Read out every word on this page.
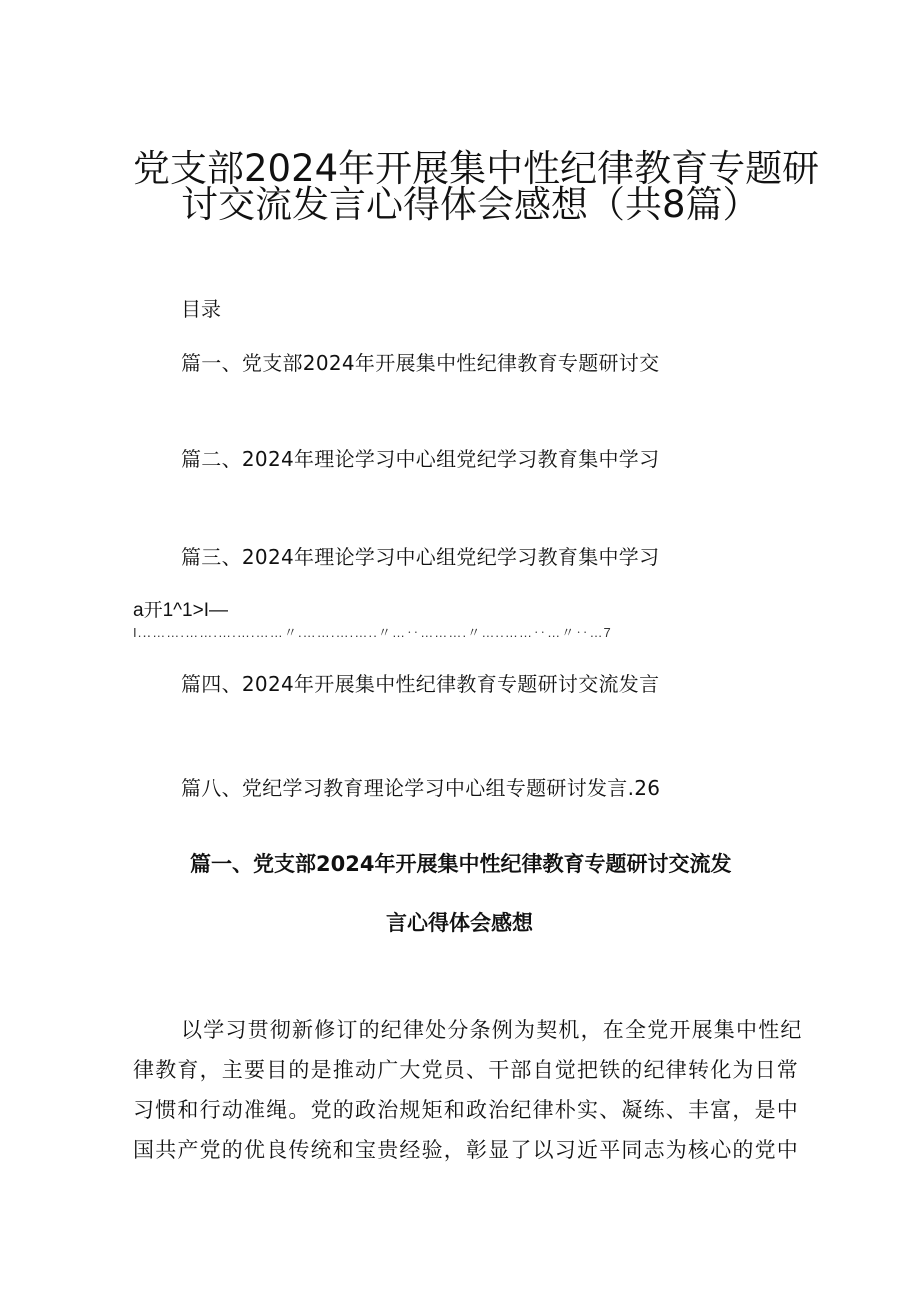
党支部2024年开展集中性纪律教育专题研
讨交流发言心得体会感想（共8篇）
目录
篇一、党支部2024年开展集中性纪律教育专题研讨交
篇二、2024年理论学习中心组党纪学习教育集中学习
篇三、2024年理论学习中心组党纪学习教育集中学习
a开1^1>I—
I.‥…….…….….….……〃.…….….…..〃…‥……….〃…..……‥…〃‥…7
篇四、2024年开展集中性纪律教育专题研讨交流发言
篇八、党纪学习教育理论学习中心组专题研讨发言.26
篇一、党支部2024年开展集中性纪律教育专题研讨交流发
言心得体会感想
以学习贯彻新修订的纪律处分条例为契机，在全党开展集中性纪
律教育，主要目的是推动广大党员、干部自觉把铁的纪律转化为日常
习惯和行动准绳。党的政治规矩和政治纪律朴实、凝练、丰富，是中
国共产党的优良传统和宝贵经验，彰显了以习近平同志为核心的党中
